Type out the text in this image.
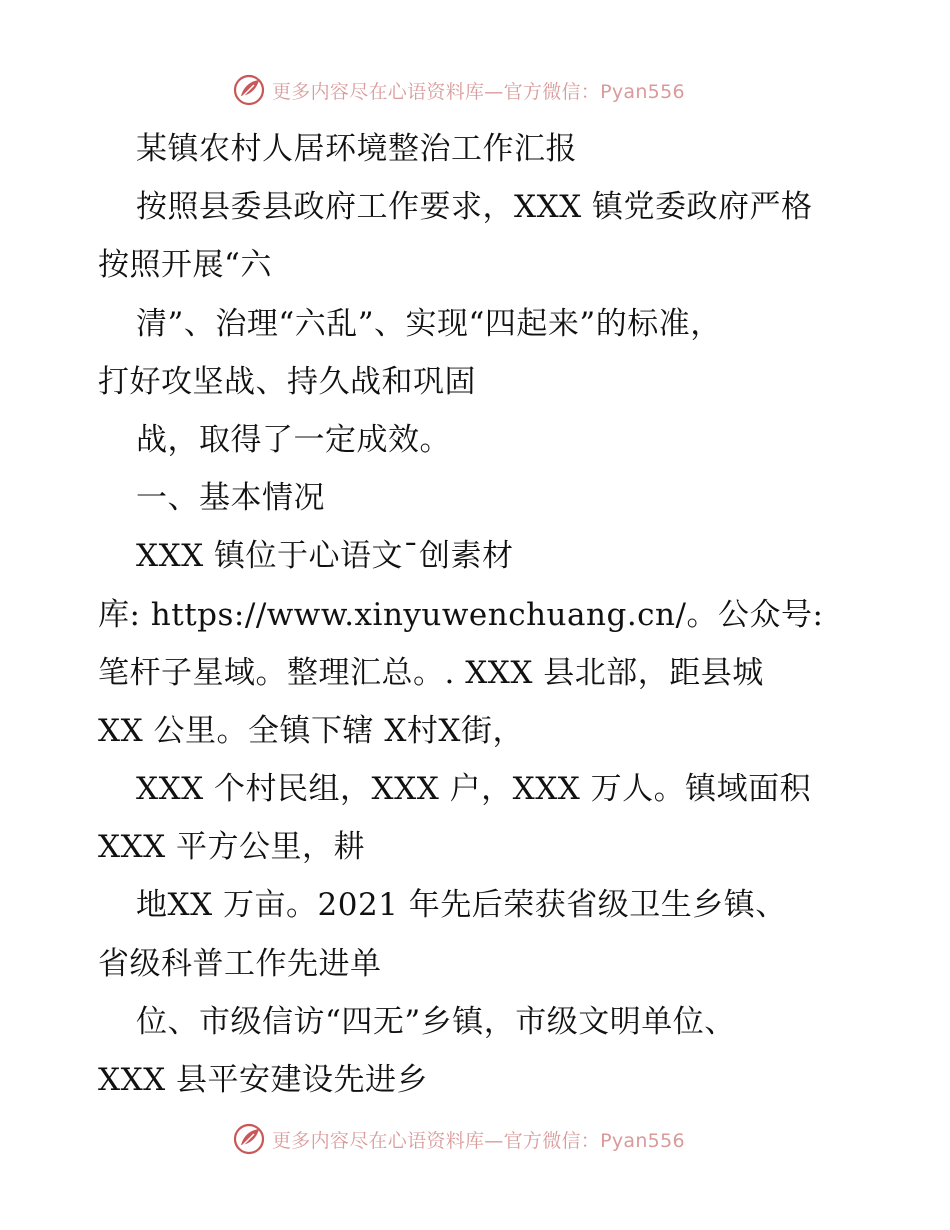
更多内容尽在心语资料库—官方微信：Pyan556
某镇农村人居环境整治工作汇报
按照县委县政府工作要求，XXX 镇党委政府严格
按照开展“六
清”、治理“六乱”、实现“四起来”的标准，
打好攻坚战、持久战和巩固
战，取得了一定成效。
一、基本情况
XXX 镇位于心语文¯创素材
库: https://www.xinyuwenchuang.cn/。公众号:
笔杆子星域。整理汇总。. XXX 县北部，距县城
XX 公里。全镇下辖 X村X街，
XXX 个村民组，XXX 户，XXX 万人。镇域面积
XXX 平方公里，耕
地XX 万亩。2021 年先后荣获省级卫生乡镇、
省级科普工作先进单
位、市级信访“四无”乡镇，市级文明单位、
XXX 县平安建设先进乡
更多内容尽在心语资料库—官方微信：Pyan556
